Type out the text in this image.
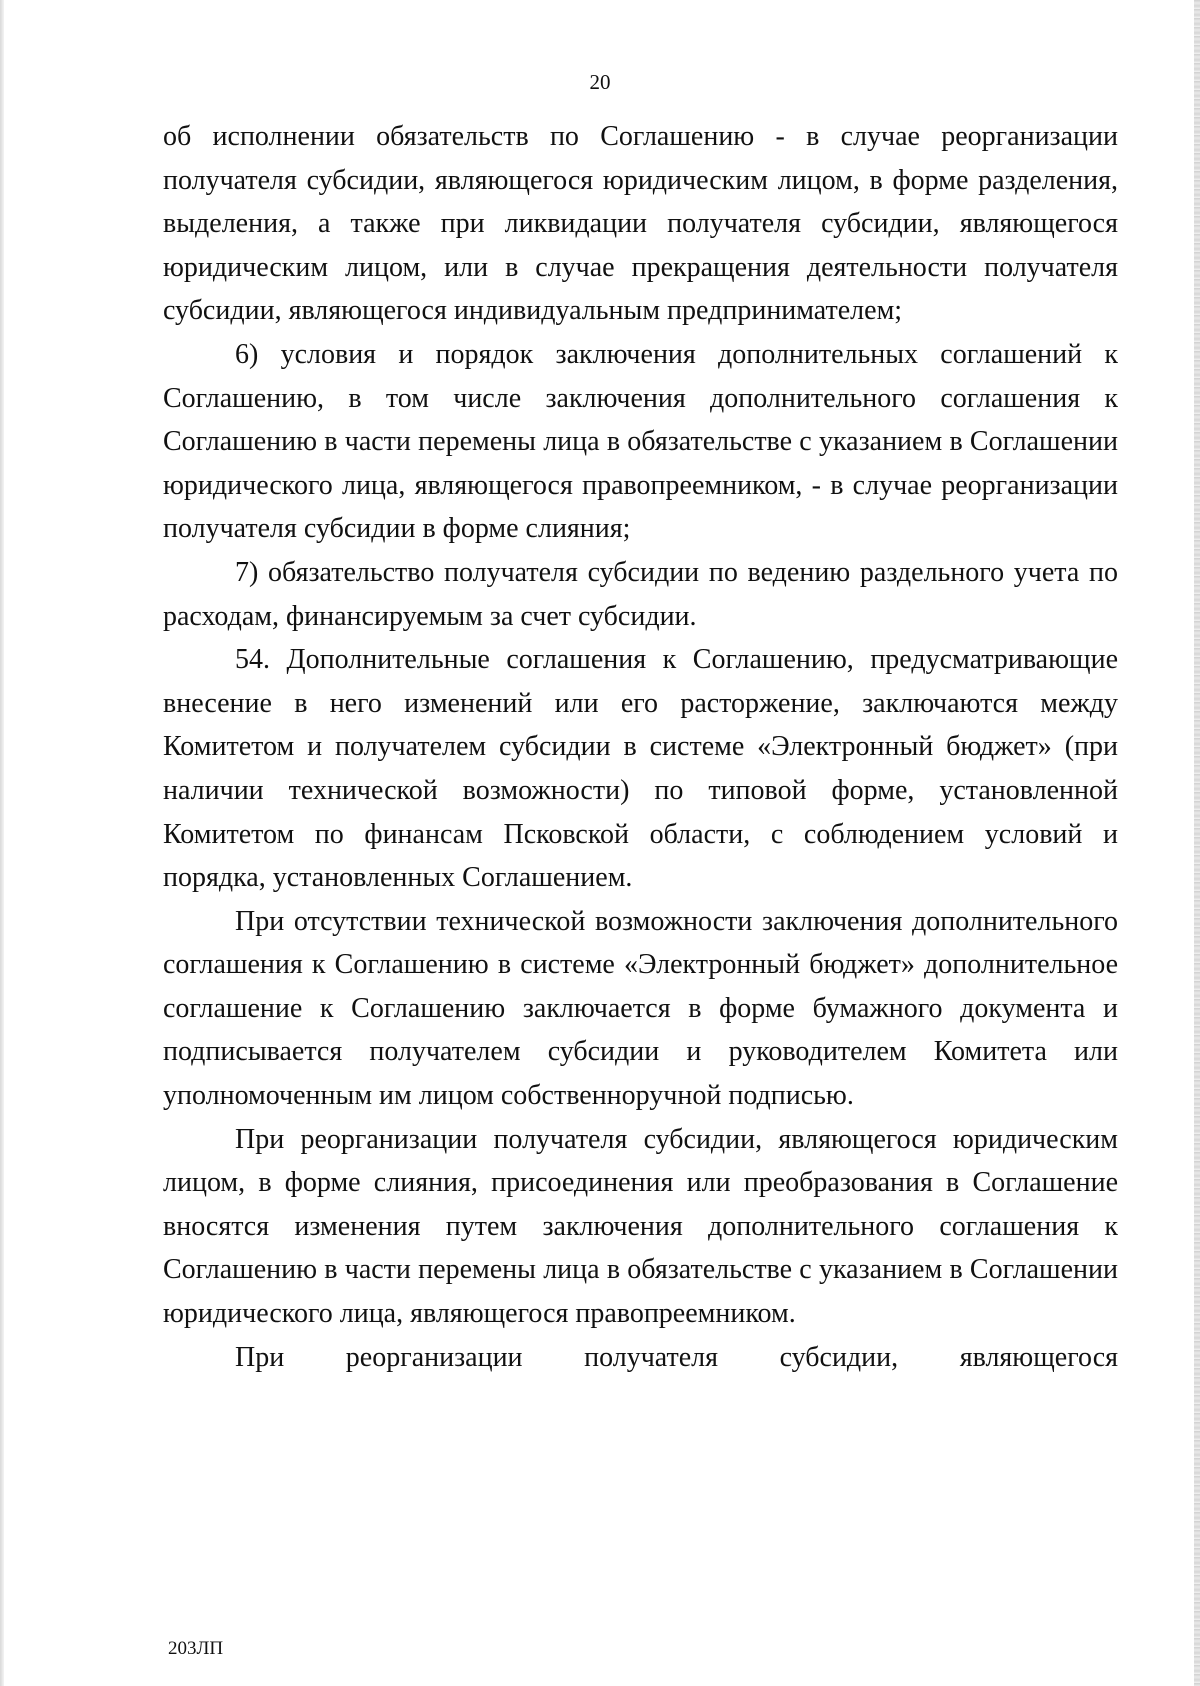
20

об исполнении обязательств по Соглашению - в случае реорганизации получателя субсидии, являющегося юридическим лицом, в форме разделения, выделения, а также при ликвидации получателя субсидии, являющегося юридическим лицом, или в случае прекращения деятельности получателя субсидии, являющегося индивидуальным предпринимателем;

6) условия и порядок заключения дополнительных соглашений к Соглашению, в том числе заключения дополнительного соглашения к Соглашению в части перемены лица в обязательстве с указанием в Соглашении юридического лица, являющегося правопреемником, - в случае реорганизации получателя субсидии в форме слияния;

7) обязательство получателя субсидии по ведению раздельного учета по расходам, финансируемым за счет субсидии.

54. Дополнительные соглашения к Соглашению, предусматривающие внесение в него изменений или его расторжение, заключаются между Комитетом и получателем субсидии в системе «Электронный бюджет» (при наличии технической возможности) по типовой форме, установленной Комитетом по финансам Псковской области, с соблюдением условий и порядка, установленных Соглашением.

При отсутствии технической возможности заключения дополнительного соглашения к Соглашению в системе «Электронный бюджет» дополнительное соглашение к Соглашению заключается в форме бумажного документа и подписывается получателем субсидии и руководителем Комитета или уполномоченным им лицом собственноручной подписью.

При реорганизации получателя субсидии, являющегося юридическим лицом, в форме слияния, присоединения или преобразования в Соглашение вносятся изменения путем заключения дополнительного соглашения к Соглашению в части перемены лица в обязательстве с указанием в Соглашении юридического лица, являющегося правопреемником.

При реорганизации получателя субсидии, являющегося

203ЛП
